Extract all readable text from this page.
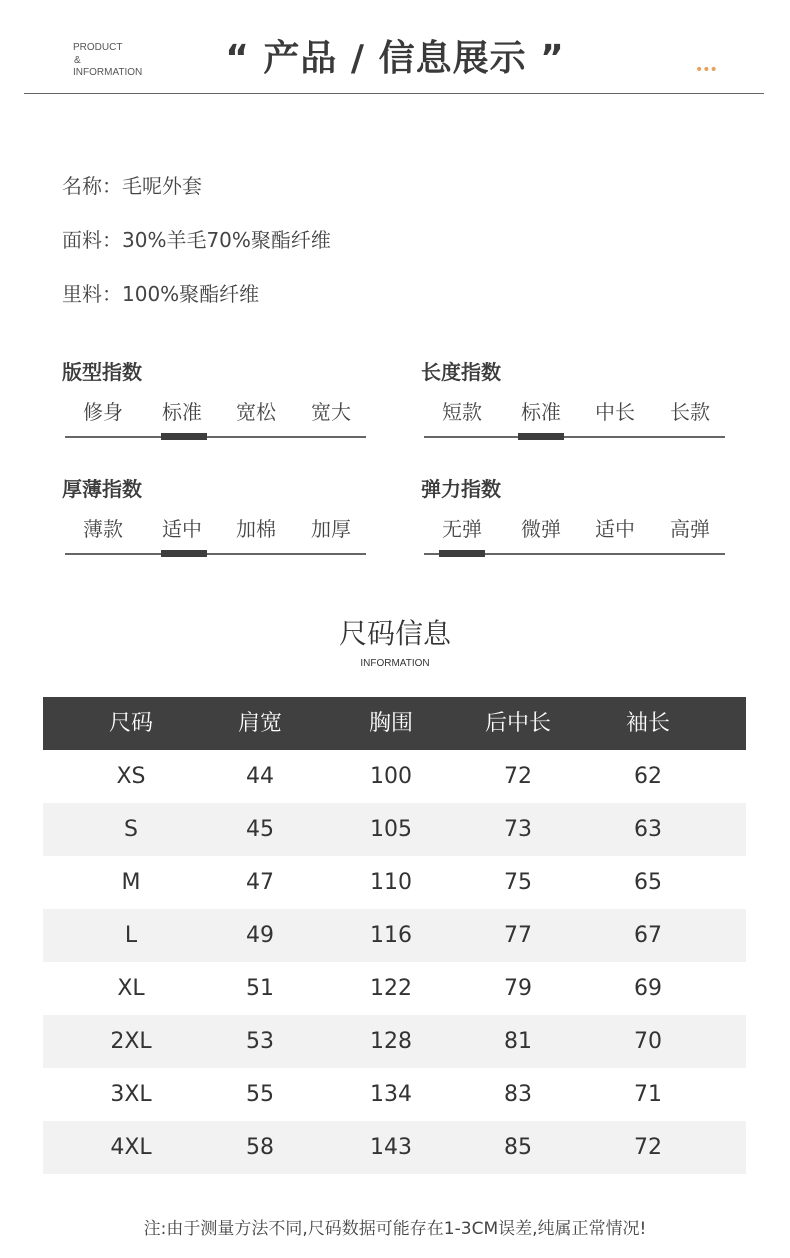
PRODUCT
&
INFORMATION	“ 产品 / 信息展示 ”	•••
名称：毛呢外套
面料：30%羊毛70%聚酯纤维
里料：100%聚酯纤维
版型指数
修身	标准	宽松	宽大
长度指数
短款	标准	中长	长款
厚薄指数
薄款	适中	加棉	加厚
弹力指数
无弹	微弹	适中	高弹
尺码信息
INFORMATION
尺码	肩宽	胸围	后中长	袖长
XS	44	100	72	62
S	45	105	73	63
M	47	110	75	65
L	49	116	77	67
XL	51	122	79	69
2XL	53	128	81	70
3XL	55	134	83	71
4XL	58	143	85	72
注:由于测量方法不同,尺码数据可能存在1-3CM误差,纯属正常情况!
